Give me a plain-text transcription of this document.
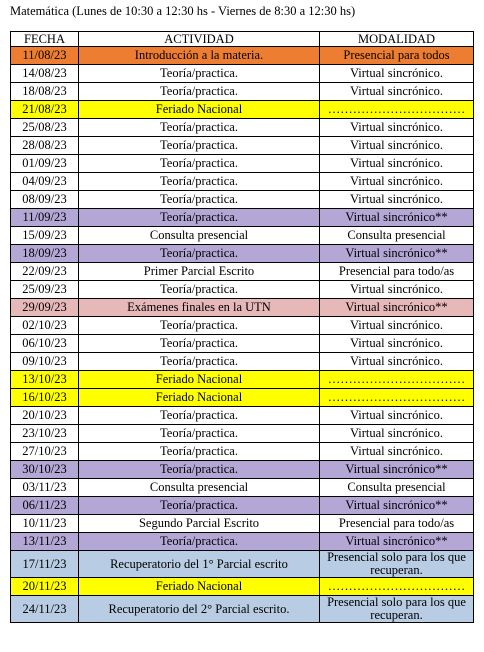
Matemática (Lunes de 10:30 a 12:30 hs - Viernes de 8:30 a 12:30 hs)
FECHA	ACTIVIDAD	MODALIDAD
11/08/23	Introducción a la materia.	Presencial para todos
14/08/23	Teoría/practica.	Virtual sincrónico.
18/08/23	Teoría/practica.	Virtual sincrónico.
21/08/23	Feriado Nacional	……………………………
25/08/23	Teoría/practica.	Virtual sincrónico.
28/08/23	Teoría/practica.	Virtual sincrónico.
01/09/23	Teoría/practica.	Virtual sincrónico.
04/09/23	Teoría/practica.	Virtual sincrónico.
08/09/23	Teoría/practica.	Virtual sincrónico.
11/09/23	Teoría/practica.	Virtual sincrónico**
15/09/23	Consulta presencial	Consulta presencial
18/09/23	Teoría/practica.	Virtual sincrónico**
22/09/23	Primer Parcial Escrito	Presencial para todo/as
25/09/23	Teoría/practica.	Virtual sincrónico.
29/09/23	Exámenes finales en la UTN	Virtual sincrónico**
02/10/23	Teoría/practica.	Virtual sincrónico.
06/10/23	Teoría/practica.	Virtual sincrónico.
09/10/23	Teoría/practica.	Virtual sincrónico.
13/10/23	Feriado Nacional	……………………………
16/10/23	Feriado Nacional	……………………………
20/10/23	Teoría/practica.	Virtual sincrónico.
23/10/23	Teoría/practica.	Virtual sincrónico.
27/10/23	Teoría/practica.	Virtual sincrónico.
30/10/23	Teoría/practica.	Virtual sincrónico**
03/11/23	Consulta presencial	Consulta presencial
06/11/23	Teoría/practica.	Virtual sincrónico**
10/11/23	Segundo Parcial Escrito	Presencial para todo/as
13/11/23	Teoría/practica.	Virtual sincrónico**
17/11/23	Recuperatorio del 1° Parcial escrito	Presencial solo para los que recuperan.
20/11/23	Feriado Nacional	……………………………
24/11/23	Recuperatorio del 2° Parcial escrito.	Presencial solo para los que recuperan.
